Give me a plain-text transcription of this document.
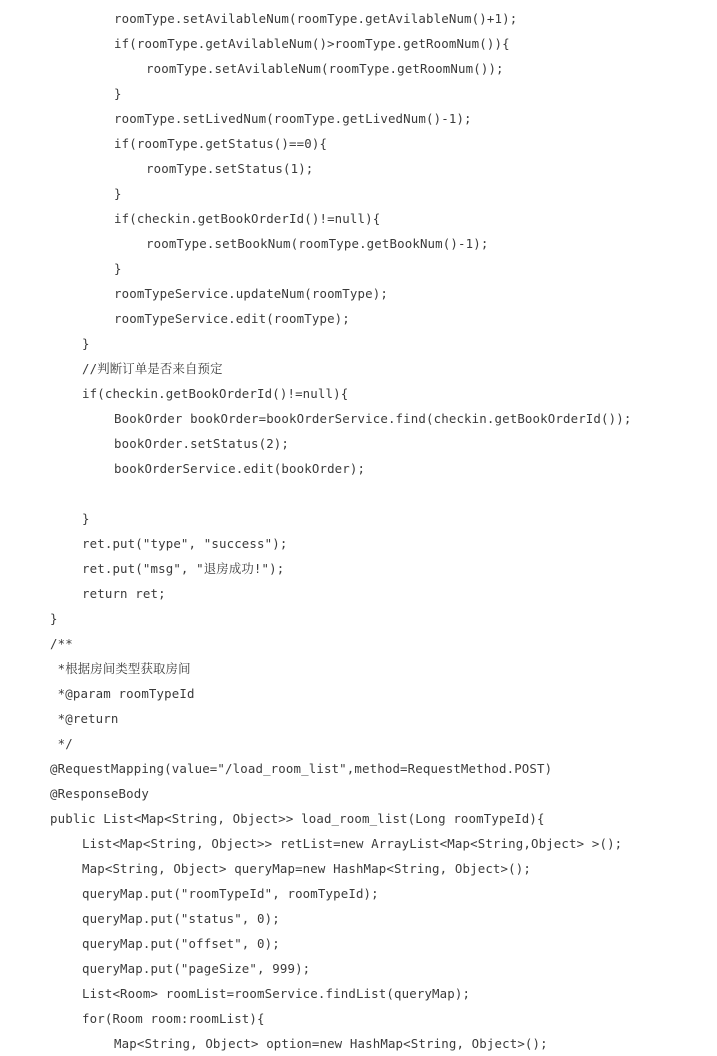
roomType.setAvilableNum(roomType.getAvilableNum()+1);
if(roomType.getAvilableNum()>roomType.getRoomNum()){
roomType.setAvilableNum(roomType.getRoomNum());
}
roomType.setLivedNum(roomType.getLivedNum()-1);
if(roomType.getStatus()==0){
roomType.setStatus(1);
}
if(checkin.getBookOrderId()!=null){
roomType.setBookNum(roomType.getBookNum()-1);
}
roomTypeService.updateNum(roomType);
roomTypeService.edit(roomType);
}
//判断订单是否来自预定
if(checkin.getBookOrderId()!=null){
BookOrder bookOrder=bookOrderService.find(checkin.getBookOrderId());
bookOrder.setStatus(2);
bookOrderService.edit(bookOrder);
}
ret.put("type", "success");
ret.put("msg", "退房成功!");
return ret;
}
/**
*根据房间类型获取房间
*@param roomTypeId
*@return
*/
@RequestMapping(value="/load_room_list",method=RequestMethod.POST)
@ResponseBody
public List<Map<String, Object>> load_room_list(Long roomTypeId){
List<Map<String, Object>> retList=new ArrayList<Map<String,Object> >();
Map<String, Object> queryMap=new HashMap<String, Object>();
queryMap.put("roomTypeId", roomTypeId);
queryMap.put("status", 0);
queryMap.put("offset", 0);
queryMap.put("pageSize", 999);
List<Room> roomList=roomService.findList(queryMap);
for(Room room:roomList){
Map<String, Object> option=new HashMap<String, Object>();
